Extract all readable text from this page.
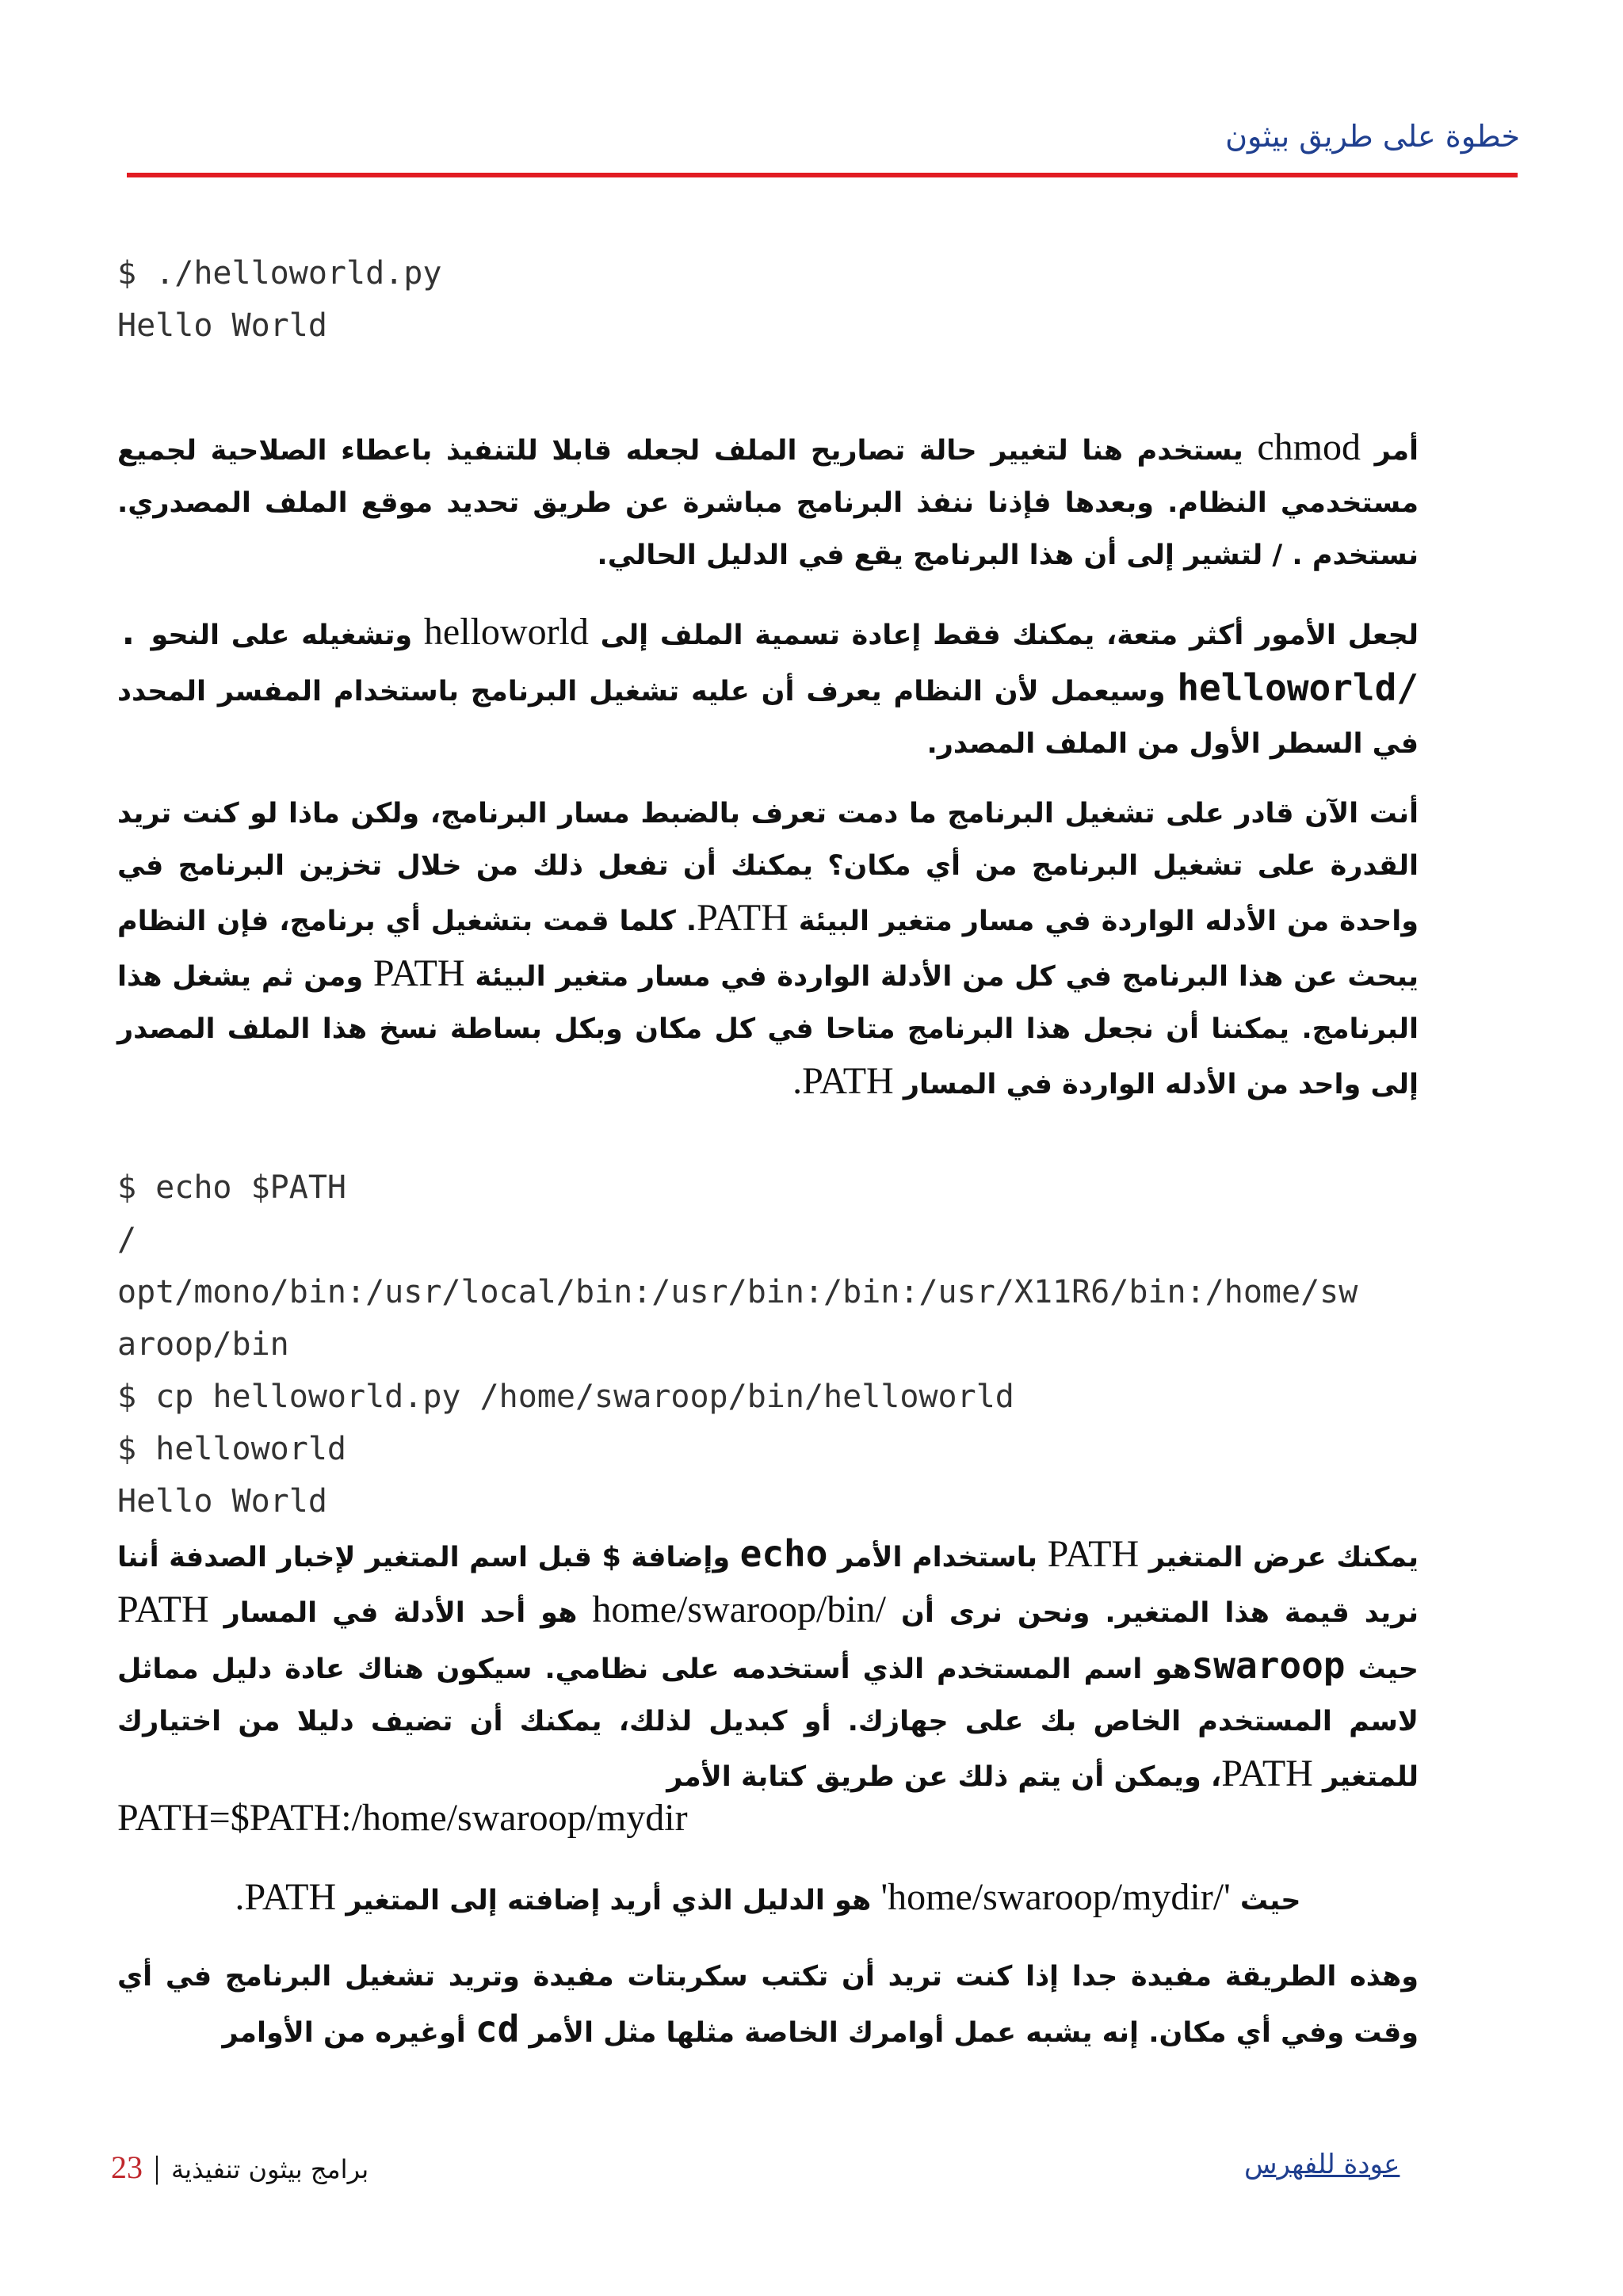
خطوة على طريق بيثون
$ ./helloworld.py
Hello World
أمر chmod يستخدم هنا لتغيير حالة تصاريح الملف لجعله قابلا للتنفيذ باعطاء الصلاحية لجميع مستخدمي النظام. وبعدها فإذنا ننفذ البرنامج مباشرة عن طريق تحديد موقع الملف المصدري. نستخدم . / لتشير إلى أن هذا البرنامج يقع في الدليل الحالي.
لجعل الأمور أكثر متعة، يمكنك فقط إعادة تسمية الملف إلى helloworld وتشغيله على النحو . /helloworld وسيعمل لأن النظام يعرف أن عليه تشغيل البرنامج باستخدام المفسر المحدد في السطر الأول من الملف المصدر.
أنت الآن قادر على تشغيل البرنامج ما دمت تعرف بالضبط مسار البرنامج، ولكن ماذا لو كنت تريد القدرة على تشغيل البرنامج من أي مكان؟ يمكنك أن تفعل ذلك من خلال تخزين البرنامج في واحدة من الأدله الواردة في مسار متغير البيئة PATH. كلما قمت بتشغيل أي برنامج، فإن النظام يبحث عن هذا البرنامج في كل من الأدلة الواردة في مسار متغير البيئة PATH ومن ثم يشغل هذا البرنامج. يمكننا أن نجعل هذا البرنامج متاحا في كل مكان وبكل بساطة نسخ هذا الملف المصدر إلى واحد من الأدله الواردة في المسار PATH.
$ echo $PATH
/
opt/mono/bin:/usr/local/bin:/usr/bin:/bin:/usr/X11R6/bin:/home/sw
aroop/bin
$ cp helloworld.py /home/swaroop/bin/helloworld
$ helloworld
Hello World
يمكنك عرض المتغير PATH باستخدام الأمر echo وإضافة $ قبل اسم المتغير لإخبار الصدفة أننا نريد قيمة هذا المتغير. ونحن نرى أن /home/swaroop/bin هو أحد الأدلة في المسار PATH حيث swaroopهو اسم المستخدم الذي أستخدمه على نظامي. سيكون هناك عادة دليل مماثل لاسم المستخدم الخاص بك على جهازك. أو كبديل لذلك، يمكنك أن تضيف دليلا من اختيارك للمتغير PATH، ويمكن أن يتم ذلك عن طريق كتابة الأمر
PATH=$PATH:/home/swaroop/mydir
حيث '/home/swaroop/mydir' هو الدليل الذي أريد إضافته إلى المتغير PATH.
وهذه الطريقة مفيدة جدا إذا كنت تريد أن تكتب سكربتات مفيدة وتريد تشغيل البرنامج في أي وقت وفي أي مكان. إنه يشبه عمل أوامرك الخاصة مثلها مثل الأمر cd أوغيره من الأوامر
23 | برامج بيثون تنفيذية	عودة للفهرس
